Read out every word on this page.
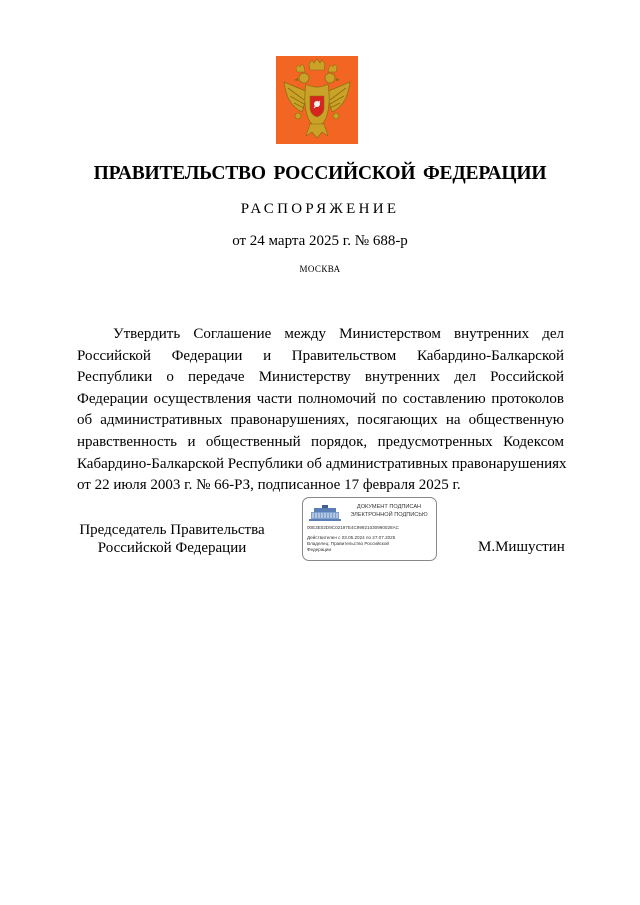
ПРАВИТЕЛЬСТВО РОССИЙСКОЙ ФЕДЕРАЦИИ
РАСПОРЯЖЕНИЕ
от 24 марта 2025 г. № 688-р
МОСКВА

Утвердить Соглашение между Министерством внутренних дел
Российской Федерации и Правительством Кабардино-Балкарской
Республики о передаче Министерству внутренних дел Российской
Федерации осуществления части полномочий по составлению протоколов
об административных правонарушениях, посягающих на общественную
нравственность и общественный порядок, предусмотренных Кодексом
Кабардино-Балкарской Республики об административных правонарушениях
от 22 июля 2003 г. № 66-РЗ, подписанное 17 февраля 2025 г.

Председатель Правительства
Российской Федерации
ДОКУМЕНТ ПОДПИСАН
ЭЛЕКТРОННОЙ ПОДПИСЬЮ
00E3E02D9C02197E4C99921030990028AC
Действителен с 03.05.2024 по 27.07.2025
Владелец: Правительство Российской
Федерации	М.Мишустин
